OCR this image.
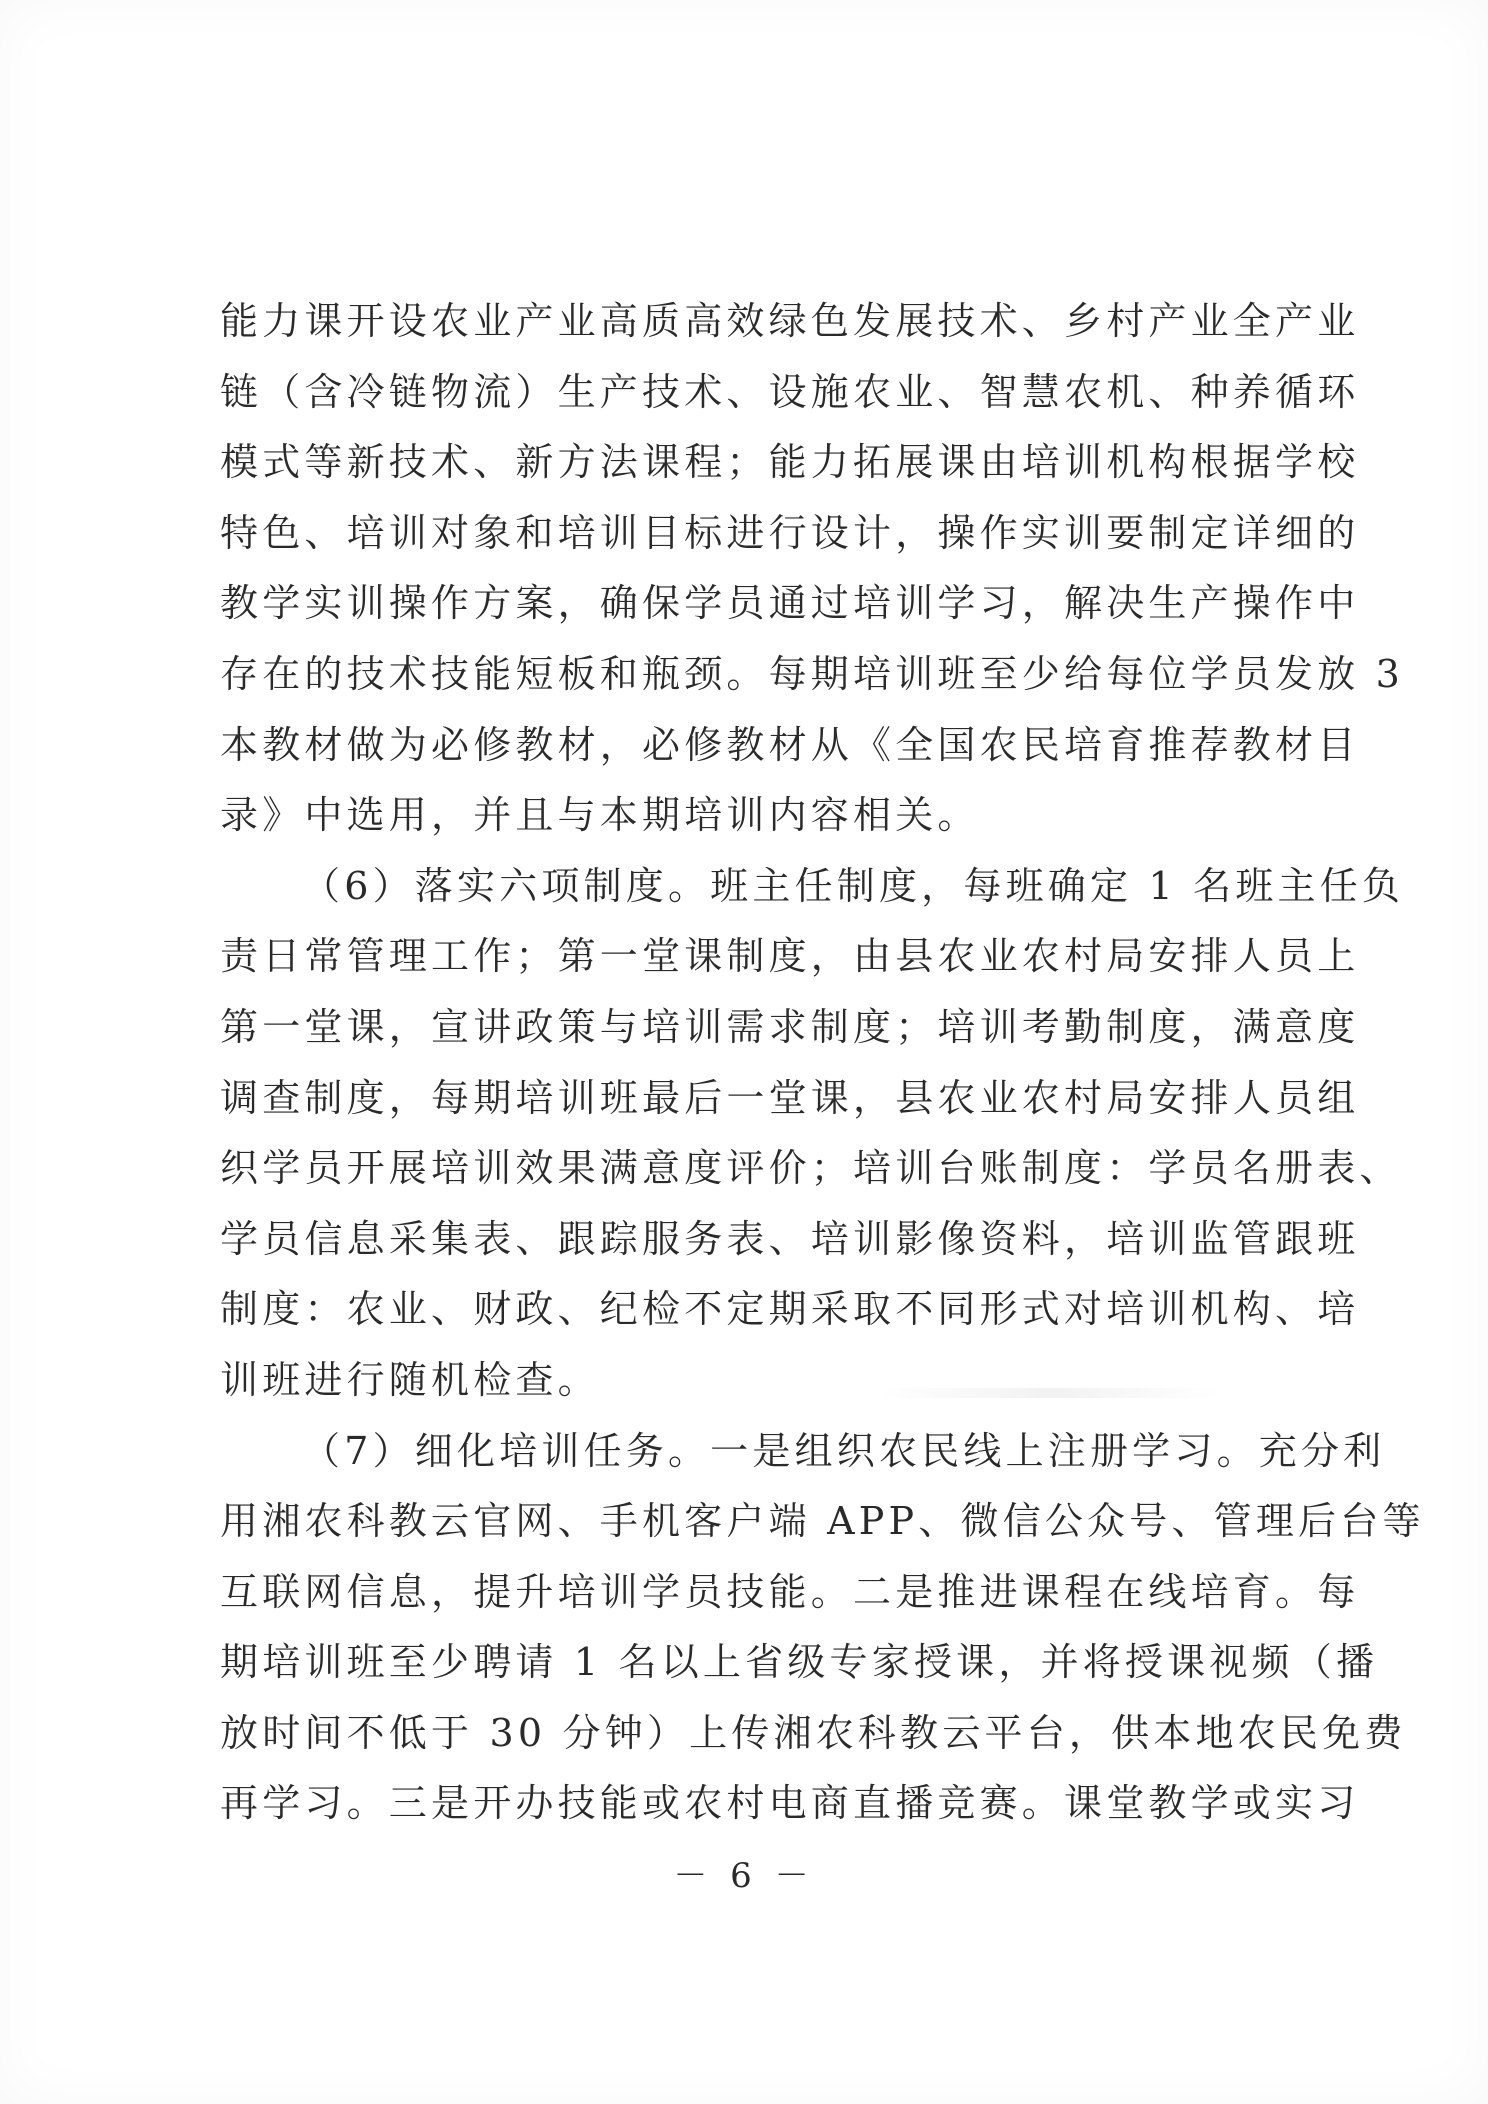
能力课开设农业产业高质高效绿色发展技术、乡村产业全产业
链（含冷链物流）生产技术、设施农业、智慧农机、种养循环
模式等新技术、新方法课程；能力拓展课由培训机构根据学校
特色、培训对象和培训目标进行设计，操作实训要制定详细的
教学实训操作方案，确保学员通过培训学习，解决生产操作中
存在的技术技能短板和瓶颈。每期培训班至少给每位学员发放 3
本教材做为必修教材，必修教材从《全国农民培育推荐教材目
录》中选用，并且与本期培训内容相关。
（6）落实六项制度。班主任制度，每班确定 1 名班主任负
责日常管理工作；第一堂课制度，由县农业农村局安排人员上
第一堂课，宣讲政策与培训需求制度；培训考勤制度，满意度
调查制度，每期培训班最后一堂课，县农业农村局安排人员组
织学员开展培训效果满意度评价；培训台账制度：学员名册表、
学员信息采集表、跟踪服务表、培训影像资料，培训监管跟班
制度：农业、财政、纪检不定期采取不同形式对培训机构、培
训班进行随机检查。
（7）细化培训任务。一是组织农民线上注册学习。充分利
用湘农科教云官网、手机客户端 APP、微信公众号、管理后台等
互联网信息，提升培训学员技能。二是推进课程在线培育。每
期培训班至少聘请 1 名以上省级专家授课，并将授课视频（播
放时间不低于 30 分钟）上传湘农科教云平台，供本地农民免费
再学习。三是开办技能或农村电商直播竞赛。课堂教学或实习
－ 6 －
